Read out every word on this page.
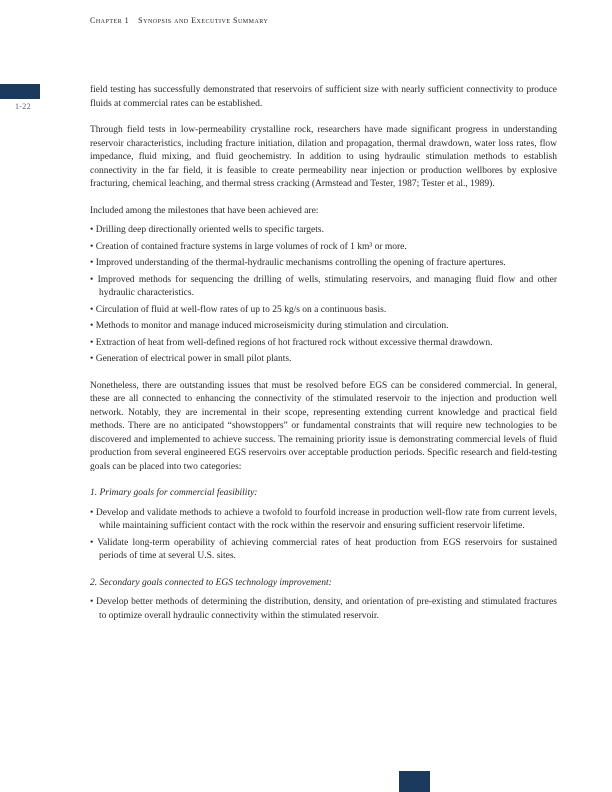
Chapter 1 Synopsis and Executive Summary
1-22

field testing has successfully demonstrated that reservoirs of sufficient size with nearly sufficient connectivity to produce fluids at commercial rates can be established.

Through field tests in low-permeability crystalline rock, researchers have made significant progress in understanding reservoir characteristics, including fracture initiation, dilation and propagation, thermal drawdown, water loss rates, flow impedance, fluid mixing, and fluid geochemistry. In addition to using hydraulic stimulation methods to establish connectivity in the far field, it is feasible to create permeability near injection or production wellbores by explosive fracturing, chemical leaching, and thermal stress cracking (Armstead and Tester, 1987; Tester et al., 1989).

Included among the milestones that have been achieved are:

• Drilling deep directionally oriented wells to specific targets.
• Creation of contained fracture systems in large volumes of rock of 1 km³ or more.
• Improved understanding of the thermal-hydraulic mechanisms controlling the opening of fracture apertures.
• Improved methods for sequencing the drilling of wells, stimulating reservoirs, and managing fluid flow and other hydraulic characteristics.
• Circulation of fluid at well-flow rates of up to 25 kg/s on a continuous basis.
• Methods to monitor and manage induced microseismicity during stimulation and circulation.
• Extraction of heat from well-defined regions of hot fractured rock without excessive thermal drawdown.
• Generation of electrical power in small pilot plants.

Nonetheless, there are outstanding issues that must be resolved before EGS can be considered commercial. In general, these are all connected to enhancing the connectivity of the stimulated reservoir to the injection and production well network. Notably, they are incremental in their scope, representing extending current knowledge and practical field methods. There are no anticipated “showstoppers” or fundamental constraints that will require new technologies to be discovered and implemented to achieve success. The remaining priority issue is demonstrating commercial levels of fluid production from several engineered EGS reservoirs over acceptable production periods. Specific research and field-testing goals can be placed into two categories:

1. Primary goals for commercial feasibility:

• Develop and validate methods to achieve a twofold to fourfold increase in production well-flow rate from current levels, while maintaining sufficient contact with the rock within the reservoir and ensuring sufficient reservoir lifetime.
• Validate long-term operability of achieving commercial rates of heat production from EGS reservoirs for sustained periods of time at several U.S. sites.

2. Secondary goals connected to EGS technology improvement:

• Develop better methods of determining the distribution, density, and orientation of pre-existing and stimulated fractures to optimize overall hydraulic connectivity within the stimulated reservoir.
